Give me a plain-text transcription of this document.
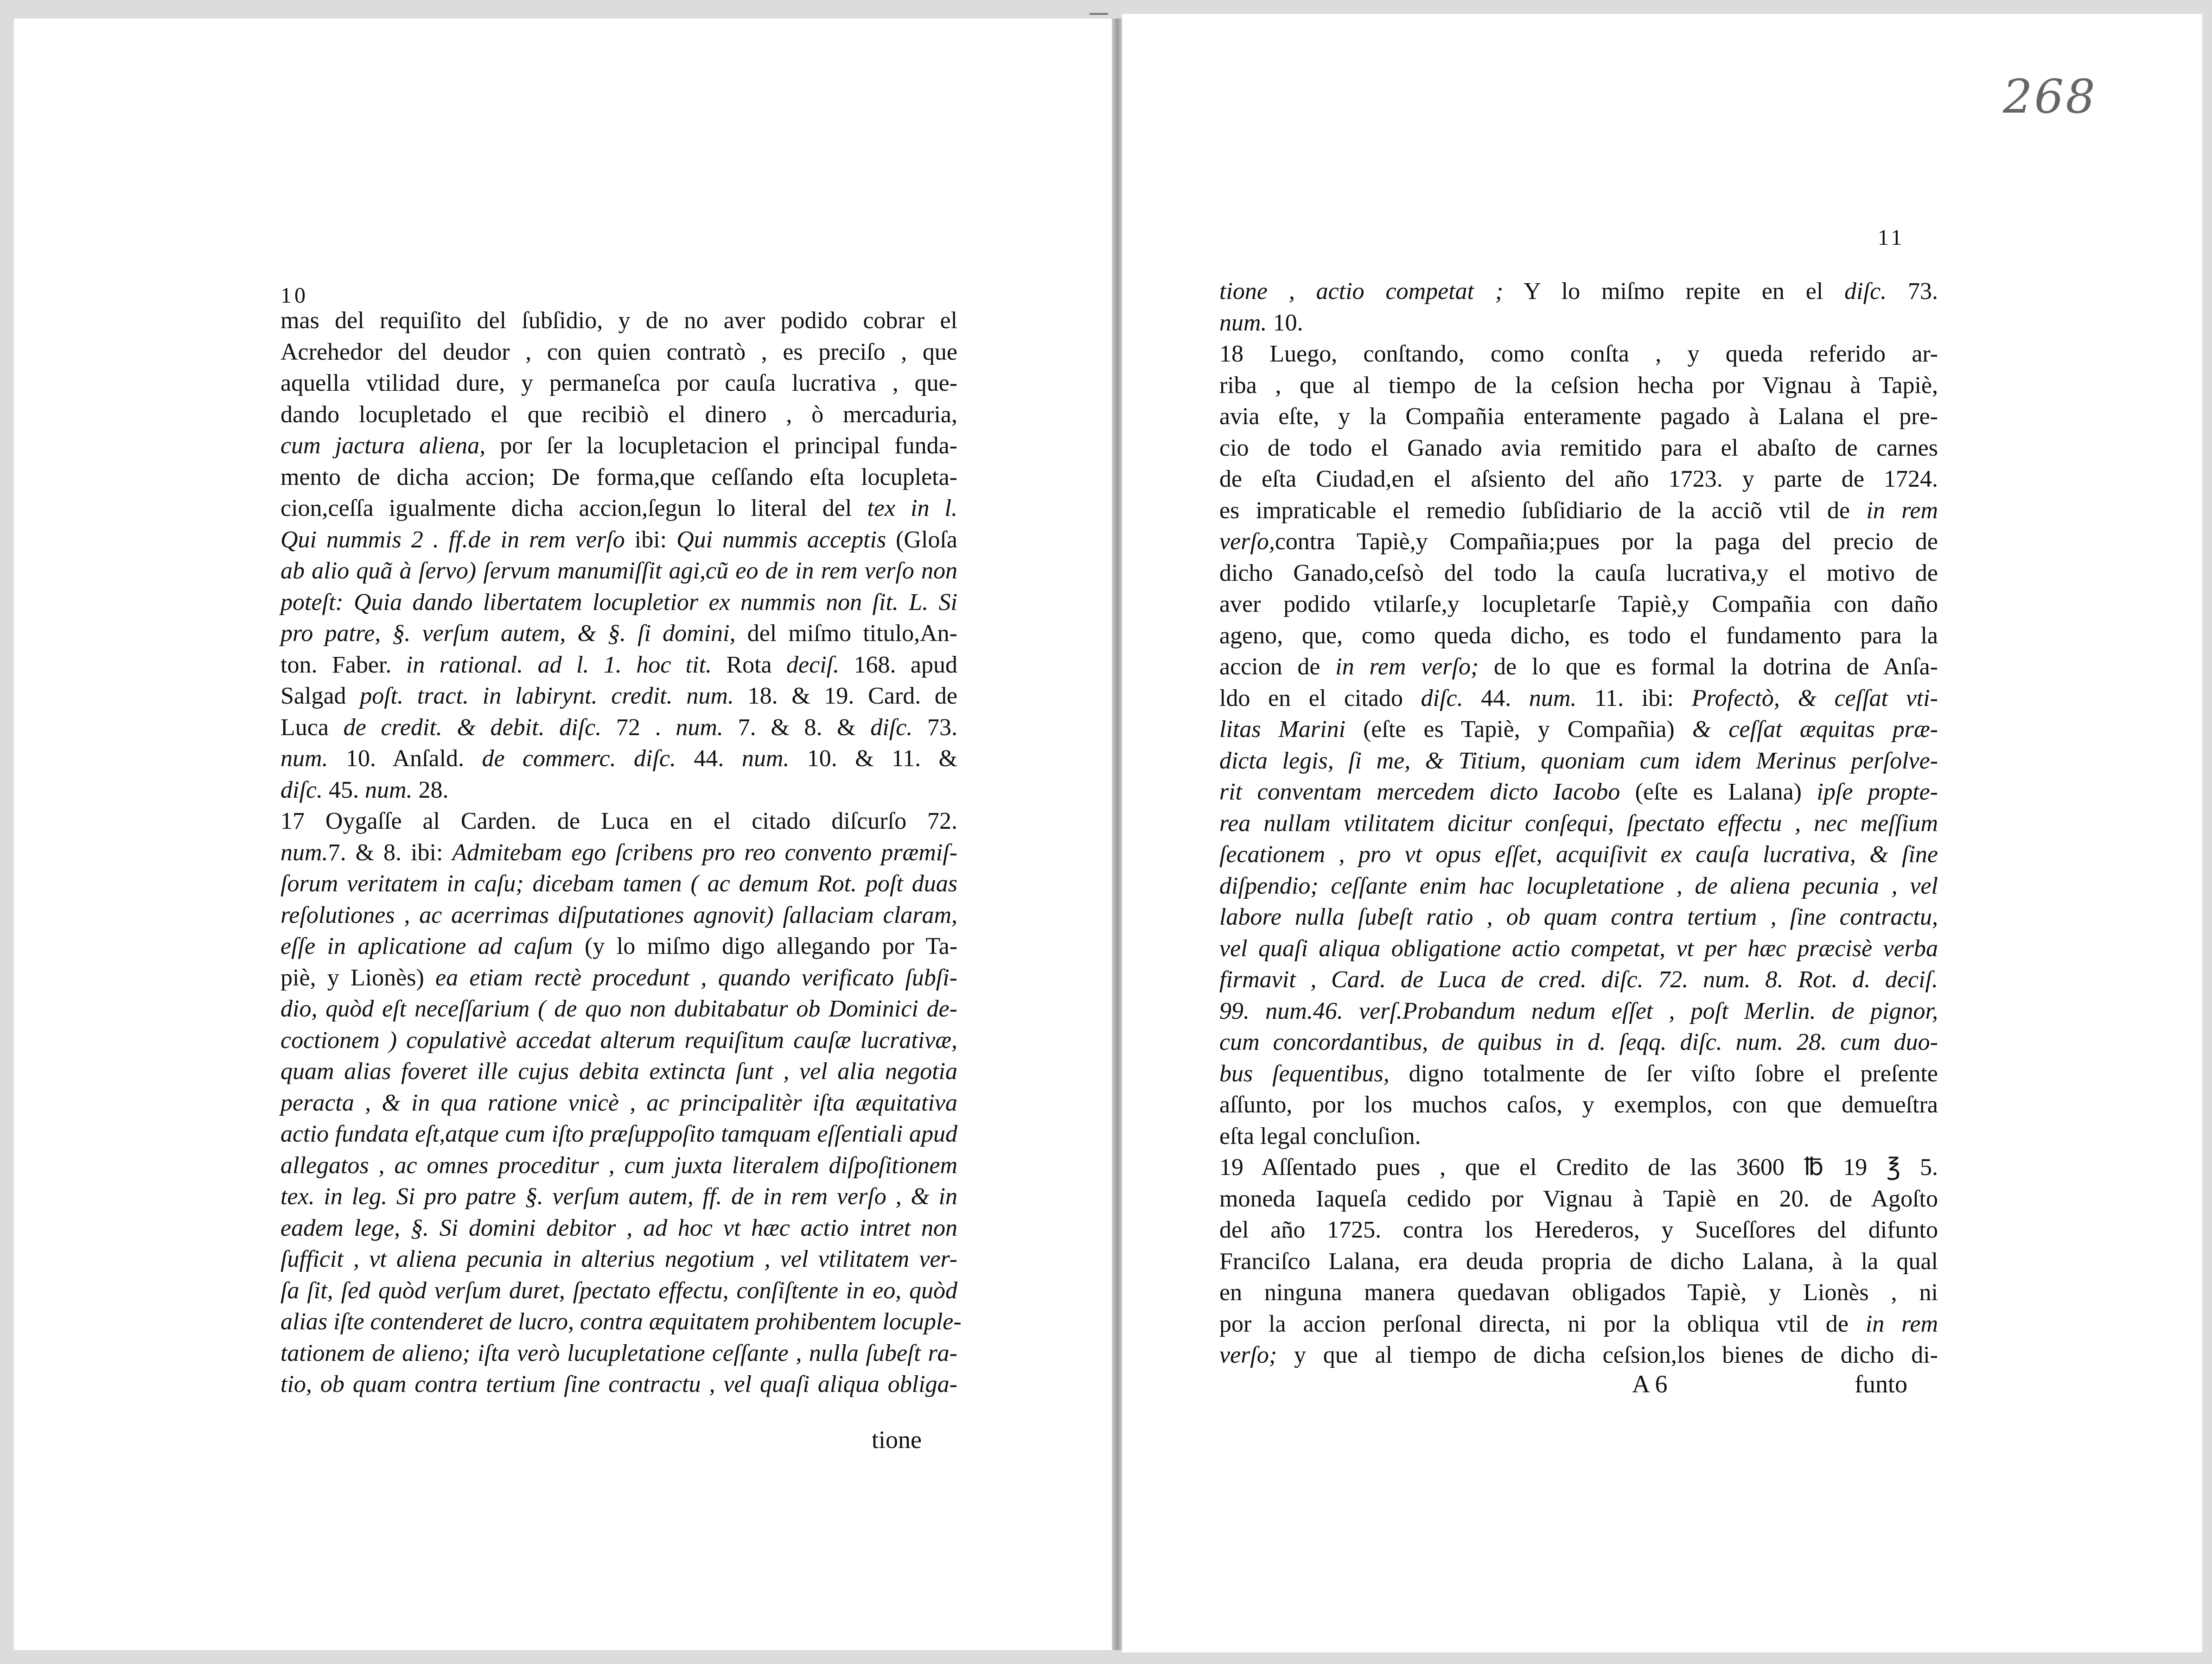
10
mas del requiſito del ſubſidio, y de no aver podido cobrar el
Acrehedor del deudor , con quien contratò , es preciſo , que
aquella vtilidad dure, y permaneſca por cauſa lucrativa , que-
dando locupletado el que recibiò el dinero , ò mercaduria,
cum jactura aliena, por ſer la locupletacion el principal funda-
mento de dicha accion; De forma,que ceſſando eſta locupleta-
cion,ceſſa igualmente dicha accion,ſegun lo literal del tex in l.
Qui nummis 2 . ff.de in rem verſo ibi: Qui nummis acceptis (Gloſa
ab alio quã à ſervo) ſervum manumiſſit agi,cũ eo de in rem verſo non
poteſt: Quia dando libertatem locupletior ex nummis non ſit. L. Si
pro patre, §. verſum autem, & §. ſi domini, del miſmo titulo,An-
ton. Faber. in rational. ad l. 1. hoc tit. Rota deciſ. 168. apud
Salgad poſt. tract. in labirynt. credit. num. 18. & 19. Card. de
Luca de credit. & debit. diſc. 72 . num. 7. & 8. & diſc. 73.
num. 10. Anſald. de commerc. diſc. 44. num. 10. & 11. &
diſc. 45. num. 28.
17 Oygaſſe al Carden. de Luca en el citado diſcurſo 72.
num.7. & 8. ibi: Admitebam ego ſcribens pro reo convento præmiſ-
ſorum veritatem in caſu; dicebam tamen ( ac demum Rot. poſt duas
reſolutiones , ac acerrimas diſputationes agnovit) ſallaciam claram,
eſſe in aplicatione ad caſum (y lo miſmo digo allegando por Ta-
piè, y Lionès) ea etiam rectè procedunt , quando verificato ſubſi-
dio, quòd eſt neceſſarium ( de quo non dubitabatur ob Dominici de-
coctionem ) copulativè accedat alterum requiſitum cauſæ lucrativæ,
quam alias foveret ille cujus debita extincta ſunt , vel alia negotia
peracta , & in qua ratione vnicè , ac principalitèr iſta æquitativa
actio fundata eſt,atque cum iſto præſuppoſito tamquam eſſentiali apud
allegatos , ac omnes proceditur , cum juxta literalem diſpoſitionem
tex. in leg. Si pro patre §. verſum autem, ff. de in rem verſo , & in
eadem lege, §. Si domini debitor , ad hoc vt hæc actio intret non
ſufficit , vt aliena pecunia in alterius negotium , vel vtilitatem ver-
ſa ſit, ſed quòd verſum duret, ſpectato effectu, conſiſtente in eo, quòd
alias iſte contenderet de lucro, contra æquitatem prohibentem locuple-
tationem de alieno; iſta verò lucupletatione ceſſante , nulla ſubeſt ra-
tio, ob quam contra tertium ſine contractu , vel quaſi aliqua obliga-
tione
11
tione , actio competat ; Y lo miſmo repite en el diſc. 73.
num. 10.
18 Luego, conſtando, como conſta , y queda referido ar-
riba , que al tiempo de la ceſsion hecha por Vignau à Tapiè,
avia eſte, y la Compañia enteramente pagado à Lalana el pre-
cio de todo el Ganado avia remitido para el abaſto de carnes
de eſta Ciudad,en el aſsiento del año 1723. y parte de 1724.
es impraticable el remedio ſubſidiario de la acciõ vtil de in rem
verſo,contra Tapiè,y Compañia;pues por la paga del precio de
dicho Ganado,ceſsò del todo la cauſa lucrativa,y el motivo de
aver podido vtilarſe,y locupletarſe Tapiè,y Compañia con daño
ageno, que, como queda dicho, es todo el fundamento para la
accion de in rem verſo; de lo que es formal la dotrina de Anſa-
ldo en el citado diſc. 44. num. 11. ibi: Profectò, & ceſſat vti-
litas Marini (eſte es Tapiè, y Compañia) & ceſſat æquitas præ-
dicta legis, ſi me, & Titium, quoniam cum idem Merinus perſolve-
rit conventam mercedem dicto Iacobo (eſte es Lalana) ipſe propte-
rea nullam vtilitatem dicitur conſequi, ſpectato effectu , nec meſſium
ſecationem , pro vt opus eſſet, acquiſivit ex cauſa lucrativa, & ſine
diſpendio; ceſſante enim hac locupletatione , de aliena pecunia , vel
labore nulla ſubeſt ratio , ob quam contra tertium , ſine contractu,
vel quaſi aliqua obligatione actio competat, vt per hæc præcisè verba
firmavit , Card. de Luca de cred. diſc. 72. num. 8. Rot. d. deciſ.
99. num.46. verſ.Probandum nedum eſſet , poſt Merlin. de pignor,
cum concordantibus, de quibus in d. ſeqq. diſc. num. 28. cum duo-
bus ſequentibus, digno totalmente de ſer viſto ſobre el preſente
aſſunto, por los muchos caſos, y exemplos, con que demueſtra
eſta legal concluſion.
19 Aſſentado pues , que el Credito de las 3600 ℔ 19 ℥ 5.
moneda Iaqueſa cedido por Vignau à Tapiè en 20. de Agoſto
del año 1725. contra los Herederos, y Suceſſores del difunto
Franciſco Lalana, era deuda propria de dicho Lalana, à la qual
en ninguna manera quedavan obligados Tapiè, y Lionès , ni
por la accion perſonal directa, ni por la obliqua vtil de in rem
verſo; y que al tiempo de dicha ceſsion,los bienes de dicho di-
A 6	funto
268
